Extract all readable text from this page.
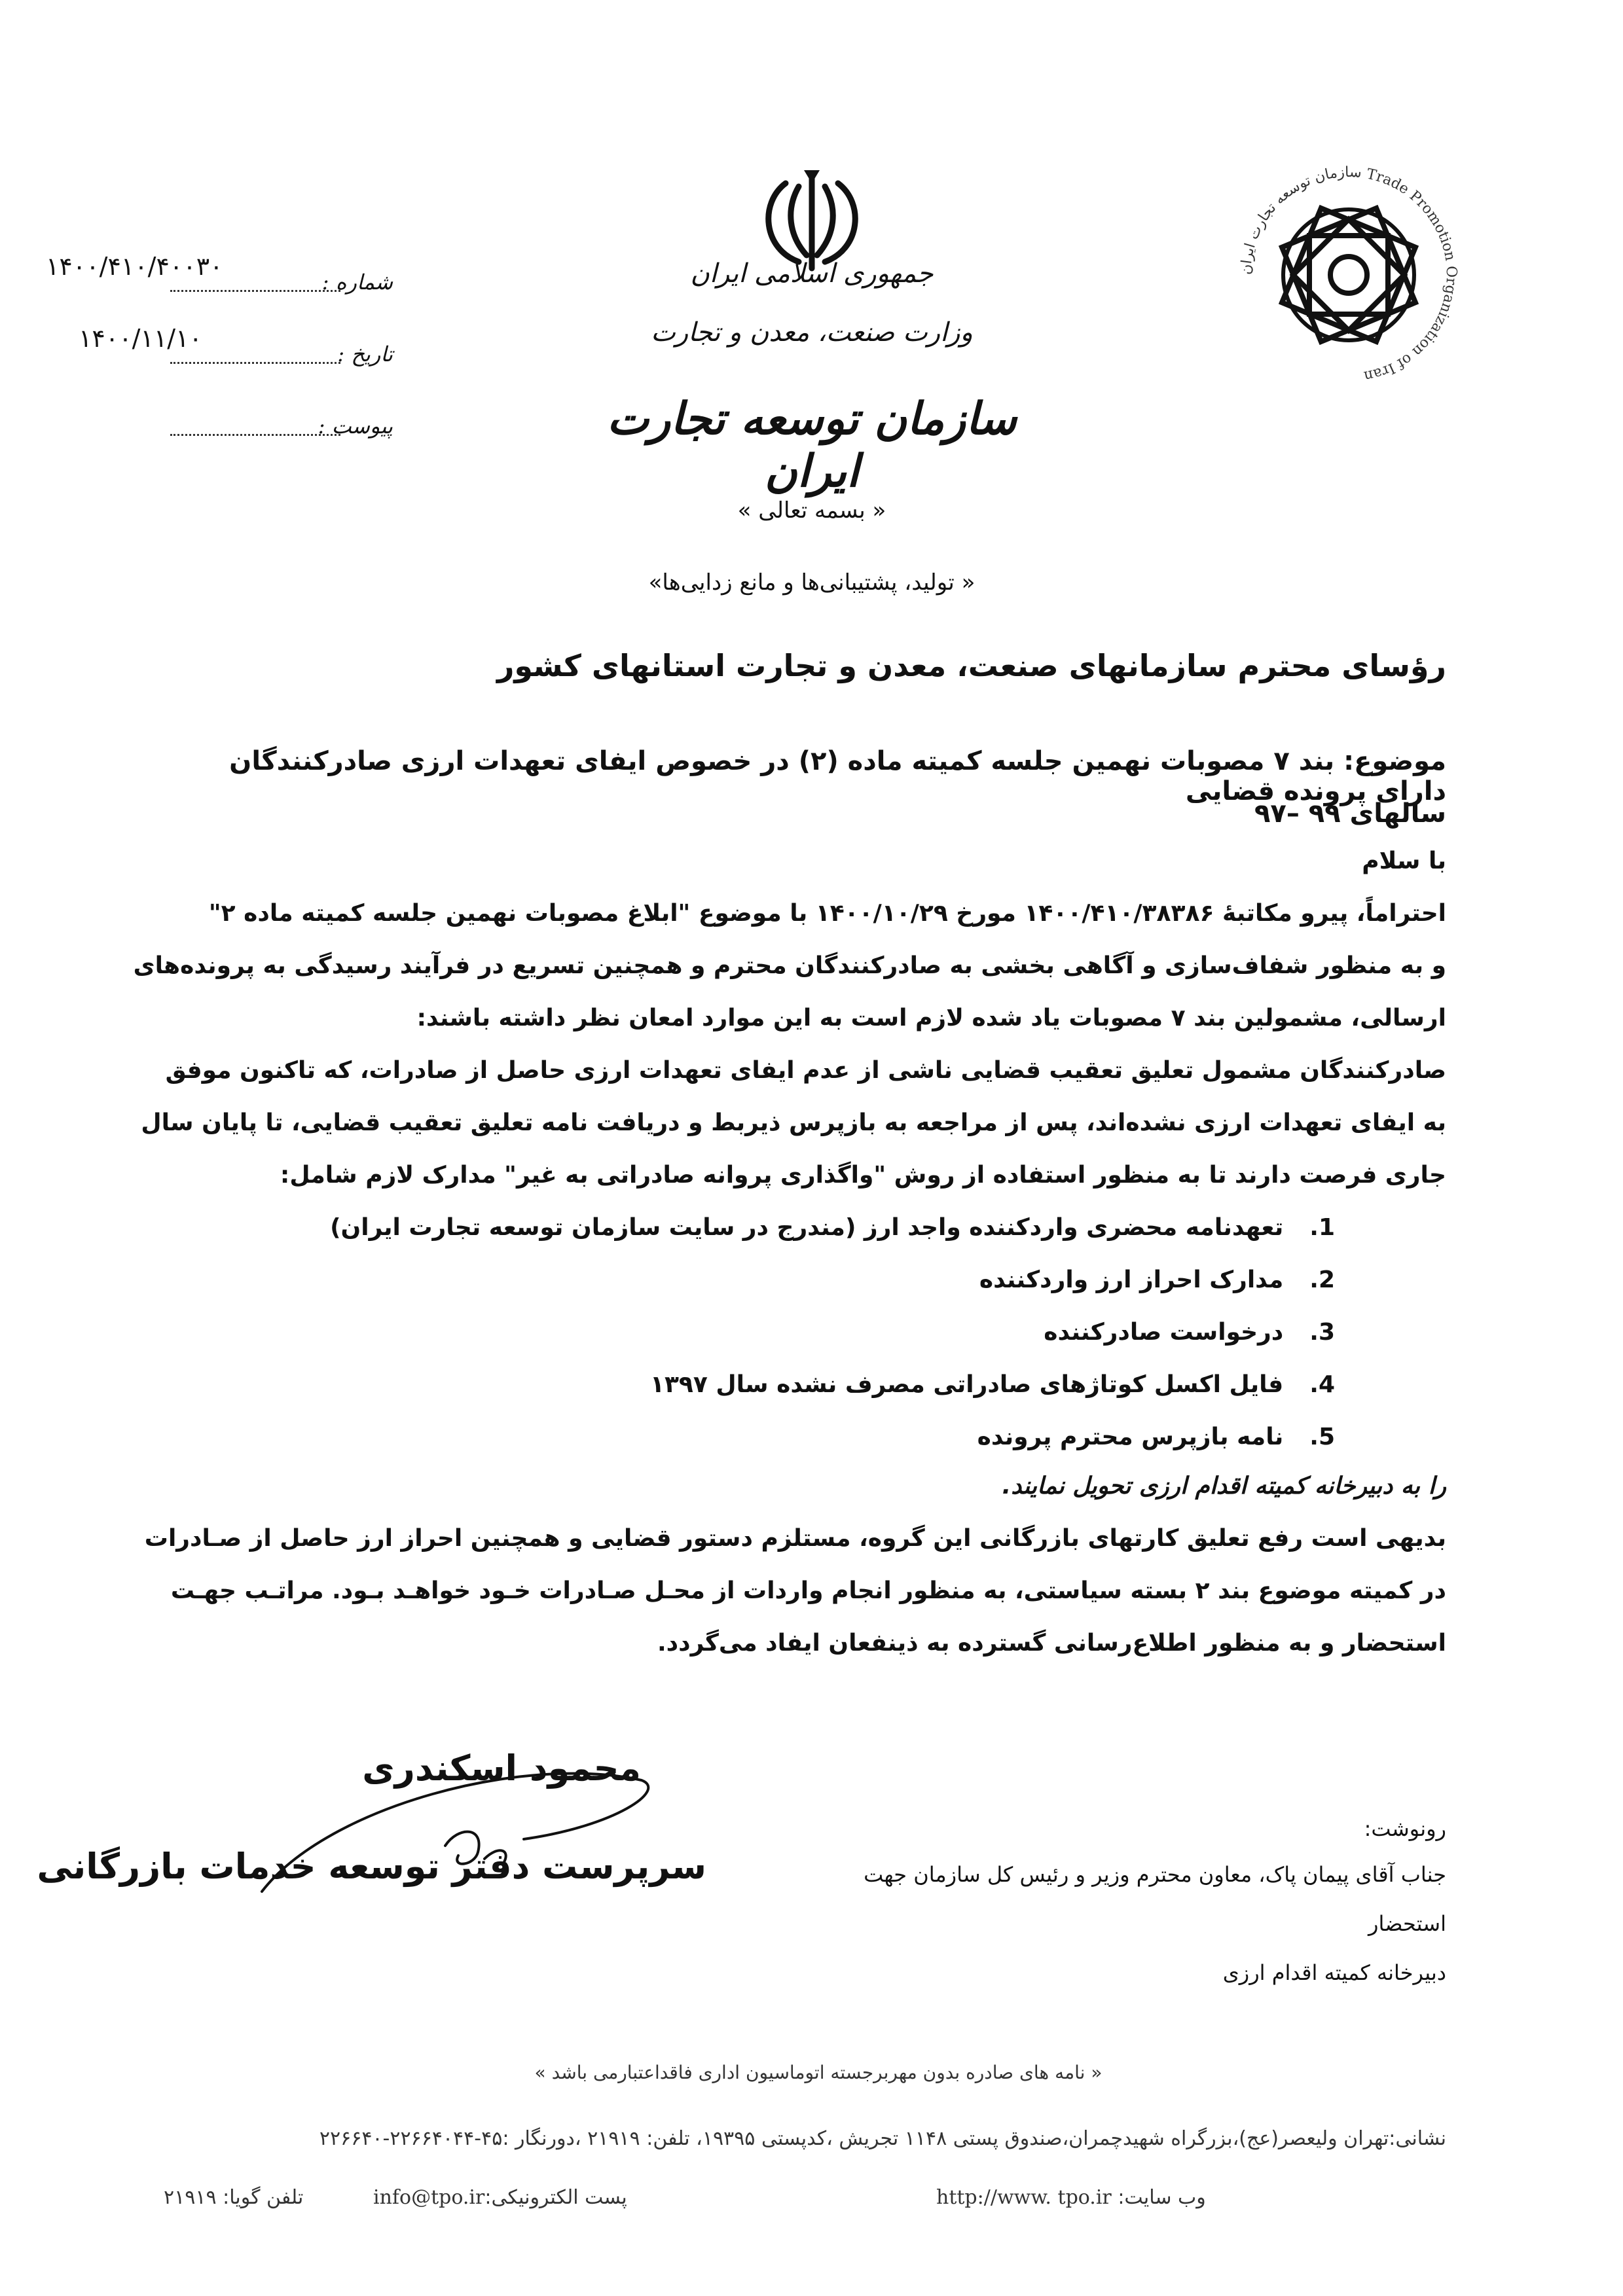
شماره :
۱۴۰۰/۴۱۰/۴۰۰۳۰
تاریخ :
۱۴۰۰/۱۱/۱۰
پیوست :
جمهوری اسلامی ایران
وزارت صنعت، معدن و تجارت
سازمان توسعه تجارت ایران
سازمان توسعه تجارت ایران Trade Promotion Organization of Iran
« بسمه تعالی »
« تولید، پشتیبانی‌ها و مانع زدایی‌ها»
رؤسای محترم سازمانهای صنعت، معدن و تجارت استانهای کشور
موضوع: بند ۷ مصوبات نهمین جلسه کمیته ماده (۲) در خصوص ایفای تعهدات ارزی صادرکنندگان دارای پرونده قضایی
سالهای ۹۹ –۹۷
با سلام
احتراماً، پیرو مکاتبهٔ ۱۴۰۰/۴۱۰/۳۸۳۸۶ مورخ ۱۴۰۰/۱۰/۲۹ با موضوع "ابلاغ مصوبات نهمین جلسه کمیته ماده ۲"
و به منظور شفاف‌سازی و آگاهی بخشی به صادرکنندگان محترم و همچنین تسریع در فرآیند رسیدگی به پرونده‌های
ارسالی، مشمولین بند ۷ مصوبات یاد شده لازم است به این موارد امعان نظر داشته باشند:
صادرکنندگان مشمول تعلیق تعقیب قضایی ناشی از عدم ایفای تعهدات ارزی حاصل از صادرات، که تاکنون موفق
به ایفای تعهدات ارزی نشده‌اند، پس از مراجعه به بازپرس ذیربط و دریافت نامه تعلیق تعقیب قضایی، تا پایان سال
جاری فرصت دارند تا به منظور استفاده از روش "واگذاری پروانه صادراتی به غیر" مدارک لازم شامل:
1.تعهدنامه محضری واردکننده واجد ارز (مندرج در سایت سازمان توسعه تجارت ایران)
2.مدارک احراز ارز واردکننده
3.درخواست صادرکننده
4.فایل اکسل کوتاژهای صادراتی مصرف نشده سال ۱۳۹۷
5.نامه بازپرس محترم پرونده
را به دبیرخانه کمیته اقدام ارزی تحویل نمایند.
بدیهی است رفع تعلیق کارتهای بازرگانی این گروه، مستلزم دستور قضایی و همچنین احراز ارز حاصل از صـادرات
در کمیته موضوع بند ۲ بسته سیاستی، به منظور انجام واردات از محـل صـادرات خـود خواهـد بـود. مراتـب جهـت
استحضار و به منظور اطلاع‌رسانی گسترده به ذینفعان ایفاد می‌گردد.
محمود اسکندری
سرپرست دفتر توسعه خدمات بازرگانی
رونوشت:
جناب آقای پیمان پاک، معاون محترم وزیر و رئیس کل سازمان جهت
استحضار
دبیرخانه کمیته اقدام ارزی
« نامه های صادره بدون مهربرجسته اتوماسیون اداری فاقداعتبارمی باشد »
نشانی:تهران ولیعصر(عج)،بزرگراه شهیدچمران،صندوق پستی ۱۱۴۸ تجریش ،کدپستی ۱۹۳۹۵، تلفن: ۲۱۹۱۹ ،دورنگار :۴۵-۲۲۶۶۴۰۴۴-۲۲۶۶۴۰
وب سایت: http://www. tpo.ir
پست الکترونیکی:info@tpo.ir
تلفن گویا: ۲۱۹۱۹
